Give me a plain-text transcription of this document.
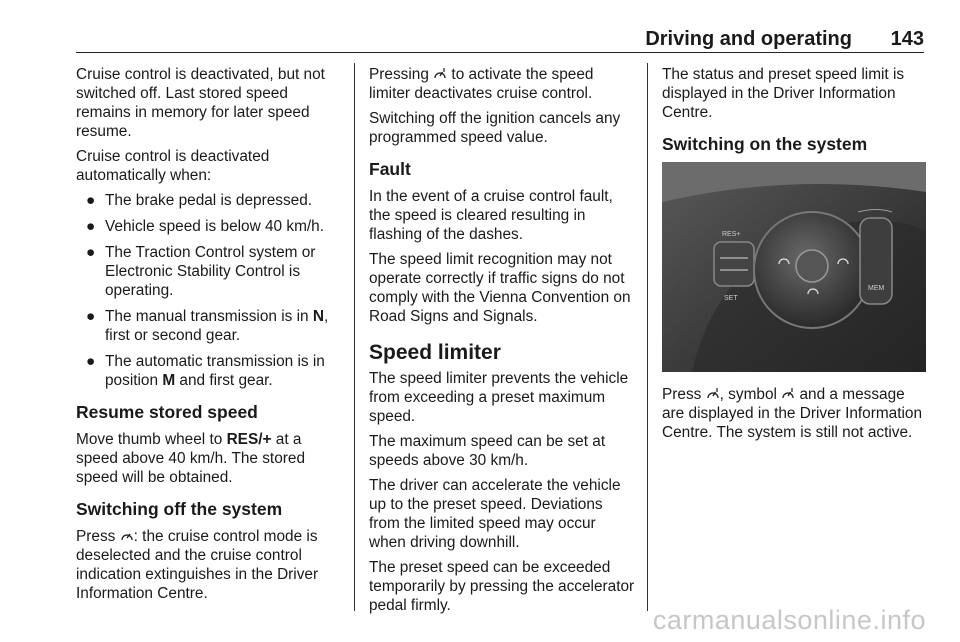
Driving and operating 143

Cruise control is deactivated, but not switched off. Last stored speed remains in memory for later speed resume.

Cruise control is deactivated automatically when:

● The brake pedal is depressed.
● Vehicle speed is below 40 km/h.
● The Traction Control system or Electronic Stability Control is operating.
● The manual transmission is in N, first or second gear.
● The automatic transmission is in position M and first gear.
Resume stored speed

Move thumb wheel to RES/+ at a speed above 40 km/h. The stored speed will be obtained.

Switching off the system

Press : the cruise control mode is deselected and the cruise control indication extinguishes in the Driver Information Centre.

Pressing  to activate the speed limiter deactivates cruise control.

Switching off the ignition cancels any programmed speed value.

Fault

In the event of a cruise control fault, the speed is cleared resulting in flashing of the dashes.

The speed limit recognition may not operate correctly if traffic signs do not comply with the Vienna Convention on Road Signs and Signals.

Speed limiter

The speed limiter prevents the vehicle from exceeding a preset maximum speed.

The maximum speed can be set at speeds above 30 km/h.

The driver can accelerate the vehicle up to the preset speed. Deviations from the limited speed may occur when driving downhill.

The preset speed can be exceeded temporarily by pressing the accelerator pedal firmly.

The status and preset speed limit is displayed in the Driver Information Centre.

Switching on the system
RES+
SET
MEM

Press , symbol  and a message are displayed in the Driver Information Centre. The system is still not active.

carmanualsonline.info
